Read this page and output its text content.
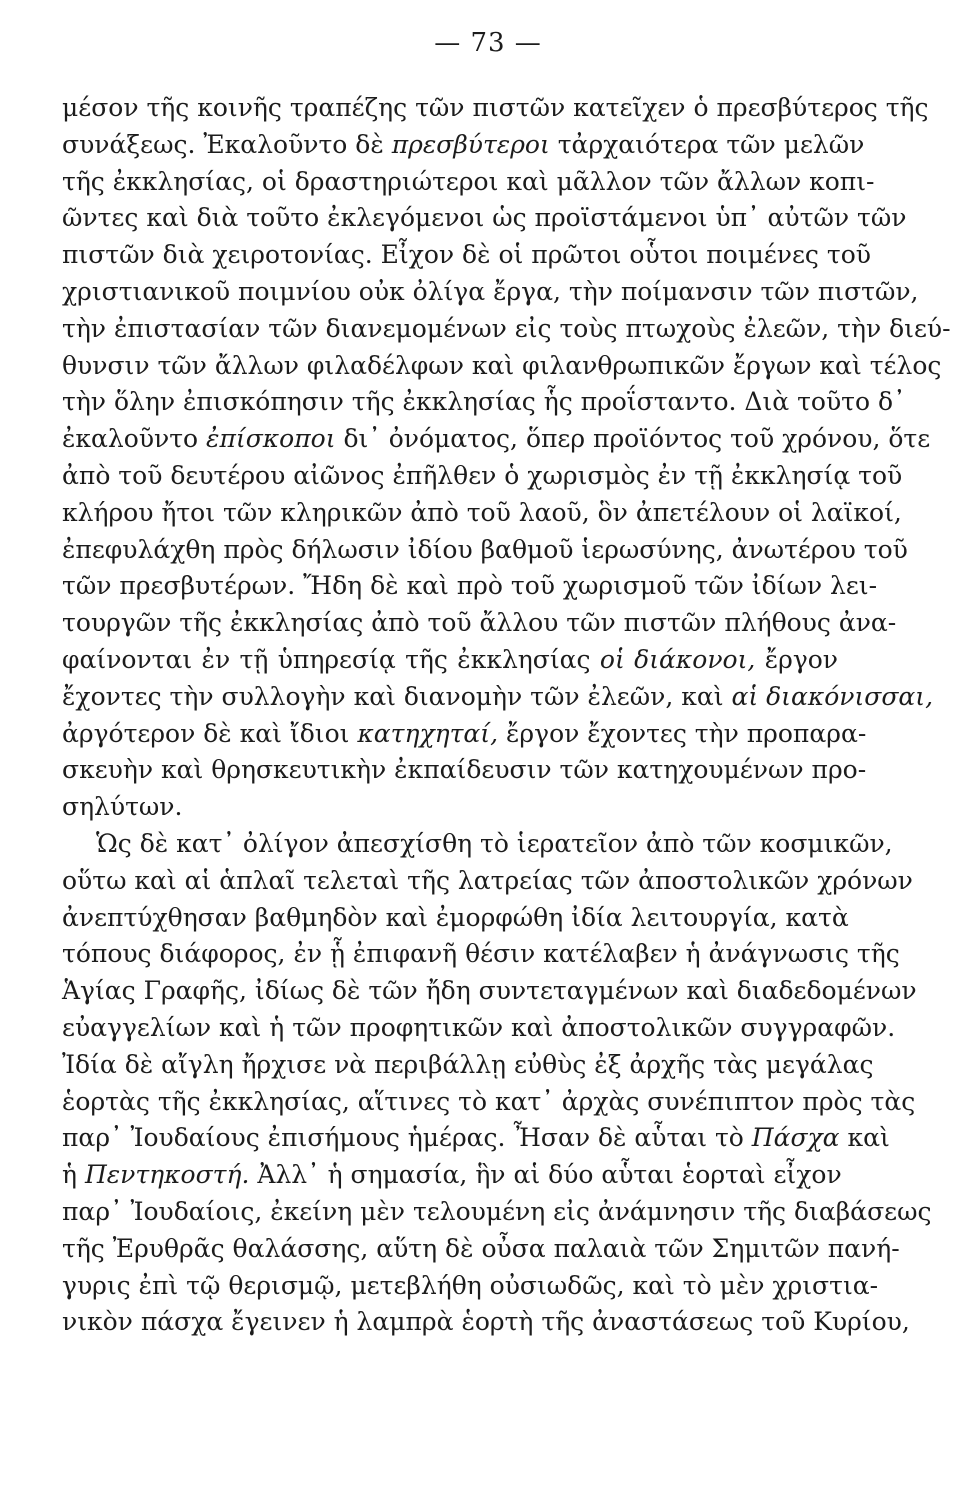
— 73 —
μέσον τῆς κοινῆς τραπέζης τῶν πιστῶν κατεῖχεν ὁ πρεσβύτερος τῆς
συνάξεως. Ἐκαλοῦντο δὲ πρεσβύτεροι τἀρχαιότερα τῶν μελῶν
τῆς ἐκκλησίας, οἱ δραστηριώτεροι καὶ μᾶλλον τῶν ἄλλων κοπι-
ῶντες καὶ διὰ τοῦτο ἐκλεγόμενοι ὡς προϊστάμενοι ὑπ᾽ αὐτῶν τῶν
πιστῶν διὰ χειροτονίας. Εἶχον δὲ οἱ πρῶτοι οὗτοι ποιμένες τοῦ
χριστιανικοῦ ποιμνίου οὐκ ὀλίγα ἔργα, τὴν ποίμανσιν τῶν πιστῶν,
τὴν ἐπιστασίαν τῶν διανεμομένων εἰς τοὺς πτωχοὺς ἐλεῶν, τὴν διεύ-
θυνσιν τῶν ἄλλων φιλαδέλφων καὶ φιλανθρωπικῶν ἔργων καὶ τέλος
τὴν ὅλην ἐπισκόπησιν τῆς ἐκκλησίας ἧς προΐσταντο. Διὰ τοῦτο δ᾽
ἐκαλοῦντο ἐπίσκοποι δι᾽ ὀνόματος, ὅπερ προϊόντος τοῦ χρόνου, ὅτε
ἀπὸ τοῦ δευτέρου αἰῶνος ἐπῆλθεν ὁ χωρισμὸς ἐν τῇ ἐκκλησίᾳ τοῦ
κλήρου ἤτοι τῶν κληρικῶν ἀπὸ τοῦ λαοῦ, ὃν ἀπετέλουν οἱ λαϊκοί,
ἐπεφυλάχθη πρὸς δήλωσιν ἰδίου βαθμοῦ ἱερωσύνης, ἀνωτέρου τοῦ
τῶν πρεσβυτέρων. Ἤδη δὲ καὶ πρὸ τοῦ χωρισμοῦ τῶν ἰδίων λει-
τουργῶν τῆς ἐκκλησίας ἀπὸ τοῦ ἄλλου τῶν πιστῶν πλήθους ἀνα-
φαίνονται ἐν τῇ ὑπηρεσίᾳ τῆς ἐκκλησίας οἱ διάκονοι, ἔργον
ἔχοντες τὴν συλλογὴν καὶ διανομὴν τῶν ἐλεῶν, καὶ αἱ διακόνισσαι,
ἀργότερον δὲ καὶ ἴδιοι κατηχηταί, ἔργον ἔχοντες τὴν προπαρα-
σκευὴν καὶ θρησκευτικὴν ἐκπαίδευσιν τῶν κατηχουμένων προ-
σηλύτων.
Ὡς δὲ κατ᾽ ὀλίγον ἀπεσχίσθη τὸ ἱερατεῖον ἀπὸ τῶν κοσμικῶν,
οὕτω καὶ αἱ ἁπλαῖ τελεταὶ τῆς λατρείας τῶν ἀποστολικῶν χρόνων
ἀνεπτύχθησαν βαθμηδὸν καὶ ἐμορφώθη ἰδία λειτουργία, κατὰ
τόπους διάφορος, ἐν ᾗ ἐπιφανῆ θέσιν κατέλαβεν ἡ ἀνάγνωσις τῆς
Ἁγίας Γραφῆς, ἰδίως δὲ τῶν ἤδη συντεταγμένων καὶ διαδεδομένων
εὐαγγελίων καὶ ἡ τῶν προφητικῶν καὶ ἀποστολικῶν συγγραφῶν.
Ἰδία δὲ αἴγλη ἤρχισε νὰ περιβάλλῃ εὐθὺς ἐξ ἀρχῆς τὰς μεγάλας
ἑορτὰς τῆς ἐκκλησίας, αἵτινες τὸ κατ᾽ ἀρχὰς συνέπιπτον πρὸς τὰς
παρ᾽ Ἰουδαίους ἐπισήμους ἡμέρας. Ἦσαν δὲ αὗται τὸ Πάσχα καὶ
ἡ Πεντηκοστή. Ἀλλ᾽ ἡ σημασία, ἣν αἱ δύο αὗται ἑορταὶ εἶχον
παρ᾽ Ἰουδαίοις, ἐκείνη μὲν τελουμένη εἰς ἀνάμνησιν τῆς διαβάσεως
τῆς Ἐρυθρᾶς θαλάσσης, αὕτη δὲ οὖσα παλαιὰ τῶν Σημιτῶν πανή-
γυρις ἐπὶ τῷ θερισμῷ, μετεβλήθη οὐσιωδῶς, καὶ τὸ μὲν χριστια-
νικὸν πάσχα ἔγεινεν ἡ λαμπρὰ ἑορτὴ τῆς ἀναστάσεως τοῦ Κυρίου,
